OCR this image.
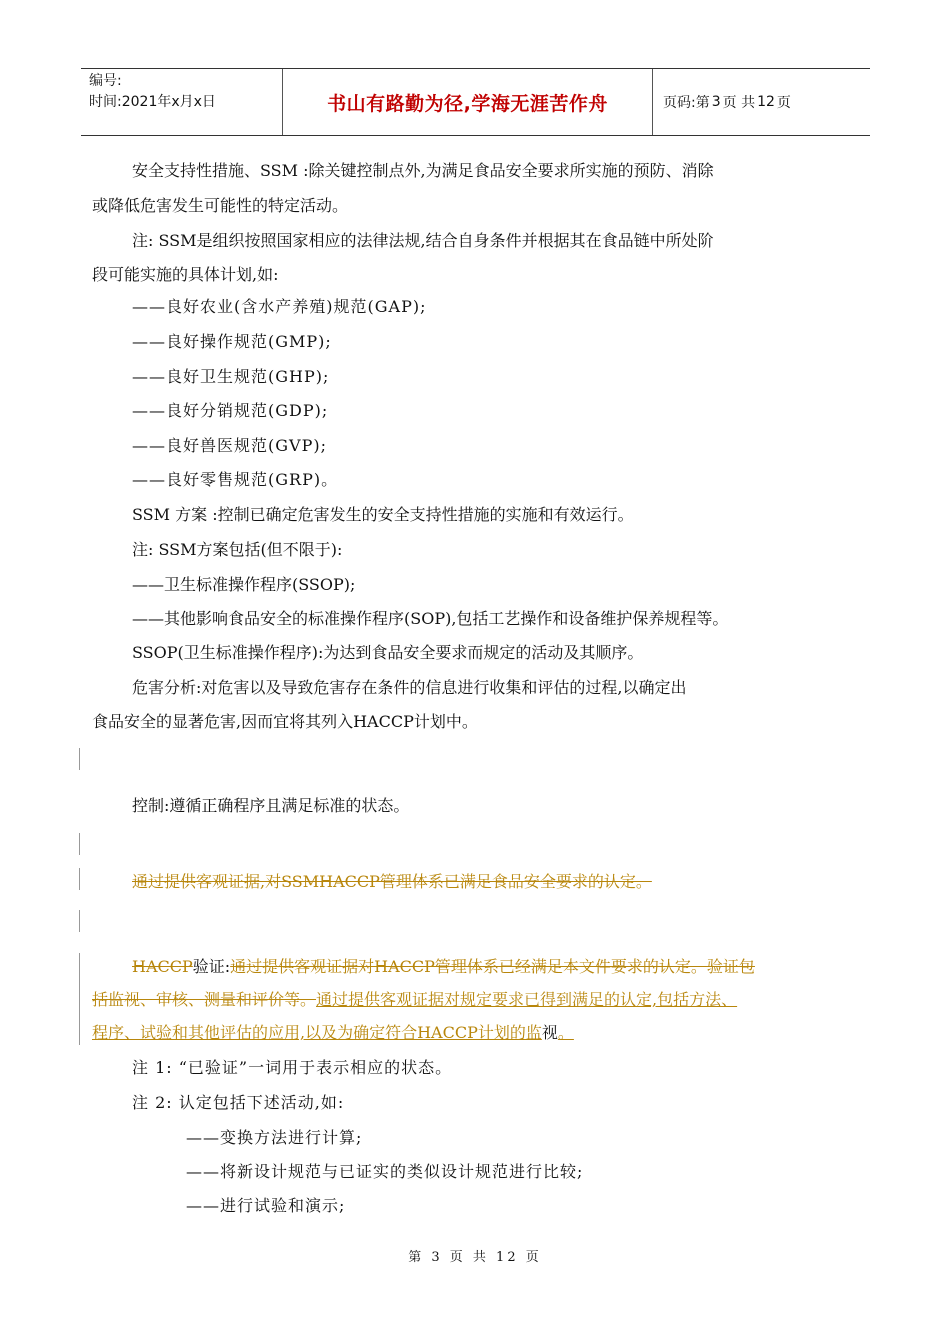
编号:
时间:2021年x月x日	书山有路勤为径,学海无涯苦作舟	页码:第 3 页 共 12 页
安全支持性措施、SSM :除关键控制点外,为满足食品安全要求所实施的预防、消除
或降低危害发生可能性的特定活动。
注: SSM是组织按照国家相应的法律法规,结合自身条件并根据其在食品链中所处阶
段可能实施的具体计划,如:
——良好农业(含水产养殖)规范(GAP);
——良好操作规范(GMP);
——良好卫生规范(GHP);
——良好分销规范(GDP);
——良好兽医规范(GVP);
——良好零售规范(GRP)。
SSM 方案 :控制已确定危害发生的安全支持性措施的实施和有效运行。
注: SSM方案包括(但不限于):
——卫生标准操作程序(SSOP);
——其他影响食品安全的标准操作程序(SOP),包括工艺操作和设备维护保养规程等。
SSOP(卫生标准操作程序):为达到食品安全要求而规定的活动及其顺序。
危害分析:对危害以及导致危害存在条件的信息进行收集和评估的过程,以确定出
食品安全的显著危害,因而宜将其列入HACCP计划中。
控制:遵循正确程序且满足标准的状态。
通过提供客观证据,对SSMHACCP管理体系已满足食品安全要求的认定。
HACCP验证:通过提供客观证据对HACCP管理体系已经满足本文件要求的认定。验证包
括监视、审核、测量和评价等。通过提供客观证据对规定要求已得到满足的认定,包括方法、
程序、试验和其他评估的应用,以及为确定符合HACCP计划的监视。
注 1: “已验证”一词用于表示相应的状态。
注 2: 认定包括下述活动,如:
——变换方法进行计算;
——将新设计规范与已证实的类似设计规范进行比较;
——进行试验和演示;
第 3 页 共 12 页
